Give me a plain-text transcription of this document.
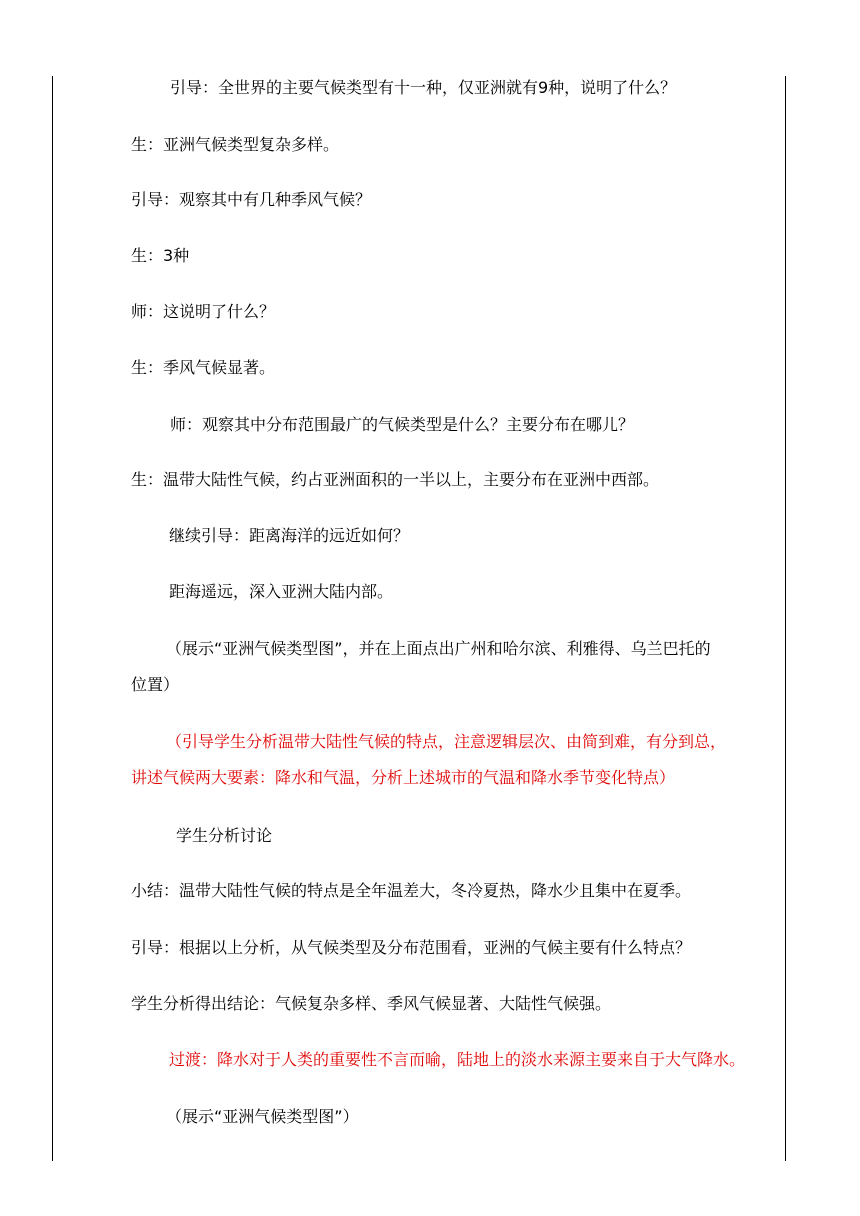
引导：全世界的主要气候类型有十一种，仅亚洲就有9种，说明了什么？
生：亚洲气候类型复杂多样。
引导：观察其中有几种季风气候？
生：3种
师：这说明了什么？
生：季风气候显著。
师：观察其中分布范围最广的气候类型是什么？主要分布在哪儿？
生：温带大陆性气候，约占亚洲面积的一半以上，主要分布在亚洲中西部。
继续引导：距离海洋的远近如何？
距海遥远，深入亚洲大陆内部。
（展示“亚洲气候类型图”，并在上面点出广州和哈尔滨、利雅得、乌兰巴托的
位置）
（引导学生分析温带大陆性气候的特点，注意逻辑层次、由简到难，有分到总，
讲述气候两大要素：降水和气温，分析上述城市的气温和降水季节变化特点）
学生分析讨论
小结：温带大陆性气候的特点是全年温差大，冬冷夏热，降水少且集中在夏季。
引导：根据以上分析，从气候类型及分布范围看，亚洲的气候主要有什么特点？
学生分析得出结论：气候复杂多样、季风气候显著、大陆性气候强。
过渡：降水对于人类的重要性不言而喻，陆地上的淡水来源主要来自于大气降水。
（展示“亚洲气候类型图”）
